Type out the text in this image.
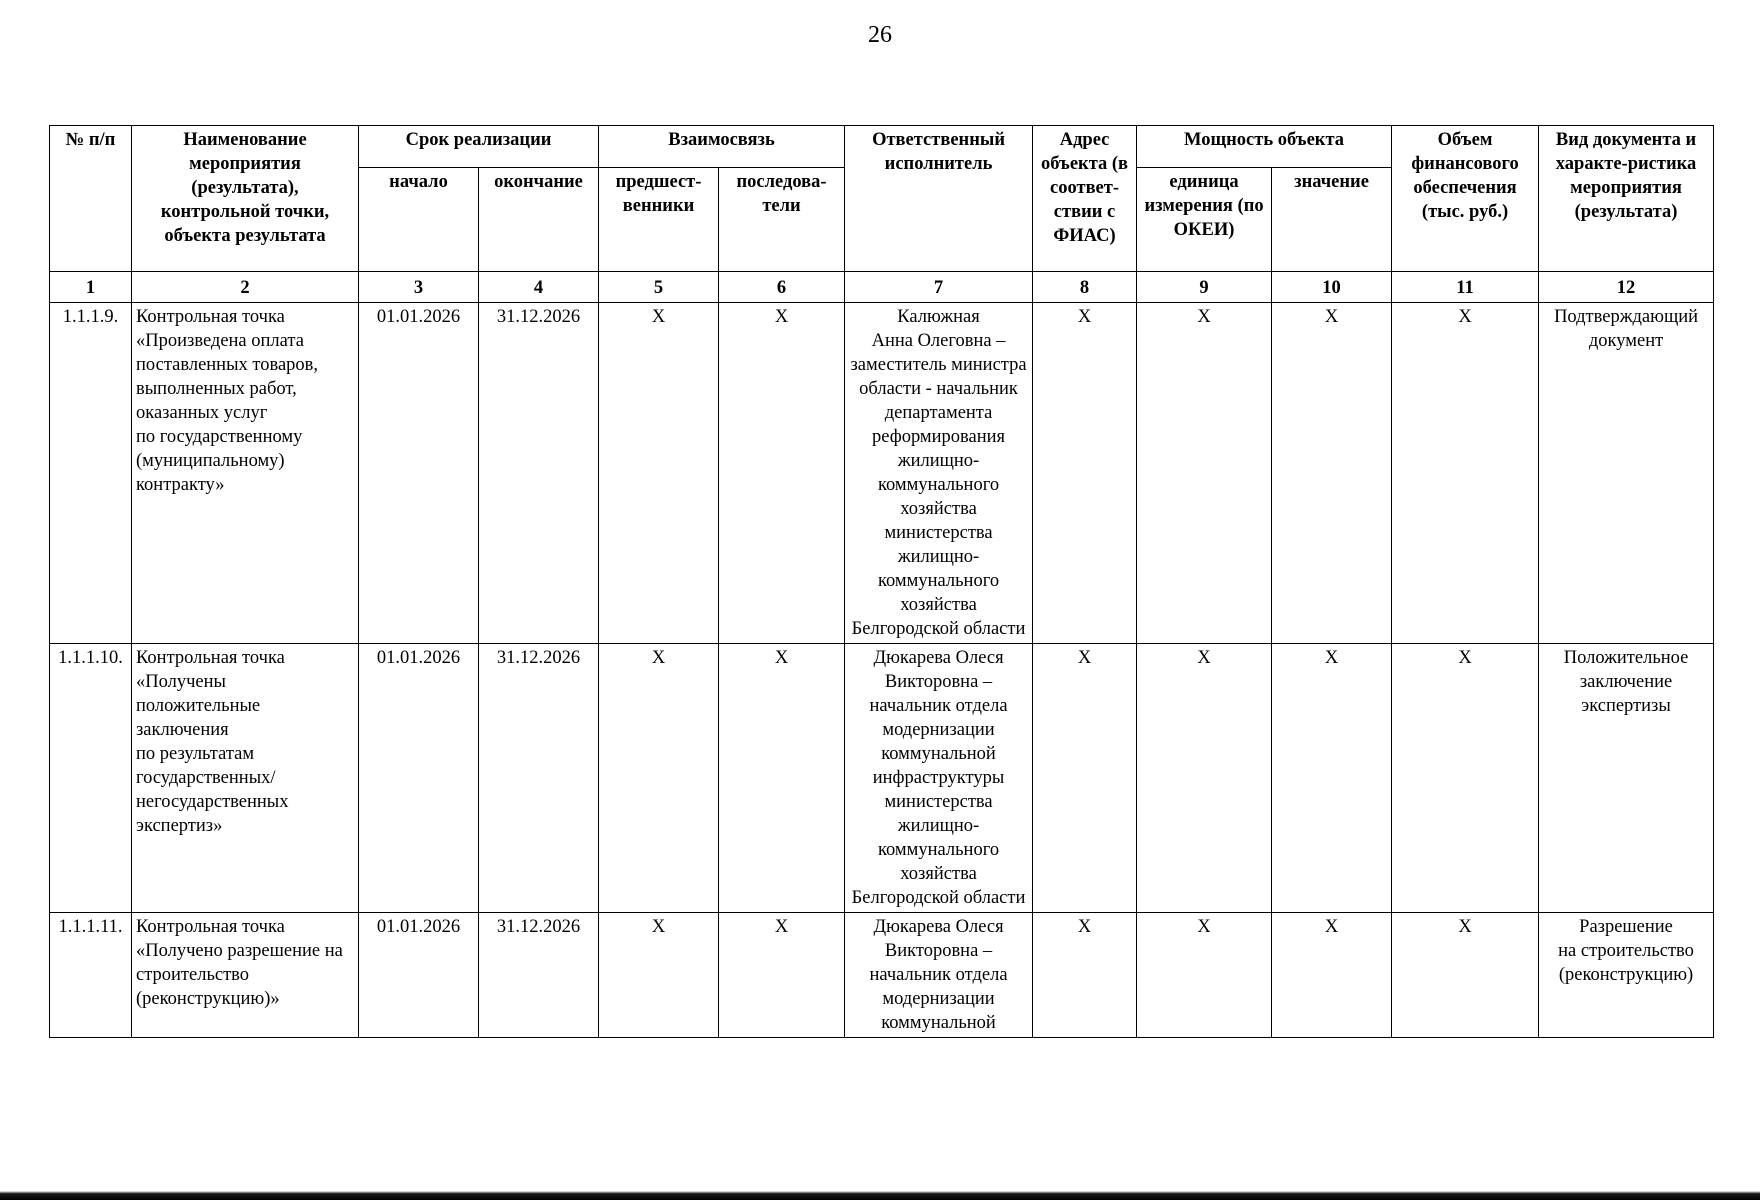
26
№ п/п	Наименование мероприятия (результата), контрольной точки, объекта результата	Срок реализации		Взаимосвязь		Ответственный исполнитель	Адрес объекта (в соответ-ствии с ФИАС)	Мощность объекта		Объем финансового обеспечения (тыс. руб.)	Вид документа и характе-ристика мероприятия (результата)
		начало	окончание	предшест-венники	последова-тели			единица измерения (по ОКЕИ)	значение		
1	2	3	4	5	6	7	8	9	10	11	12
1.1.1.9.	Контрольная точка
«Произведена оплата поставленных товаров, выполненных работ, оказанных услуг
по государственному (муниципальному) контракту»	01.01.2026	31.12.2026	X	X	Калюжная
Анна Олеговна –
заместитель министра области - начальник департамента реформирования жилищно-коммунального хозяйства министерства жилищно-коммунального хозяйства Белгородской области	X	X	X	X	Подтверждающий документ
1.1.1.10.	Контрольная точка
«Получены положительные заключения
по результатам государственных/ негосударственных экспертиз»	01.01.2026	31.12.2026	X	X	Дюкарева Олеся Викторовна –
начальник отдела модернизации коммунальной инфраструктуры министерства жилищно-коммунального хозяйства Белгородской области	X	X	X	X	Положительное заключение экспертизы
1.1.1.11.	Контрольная точка
«Получено разрешение на строительство (реконструкцию)»	01.01.2026	31.12.2026	X	X	Дюкарева Олеся Викторовна –
начальник отдела модернизации коммунальной	X	X	X	X	Разрешение
на строительство (реконструкцию)
